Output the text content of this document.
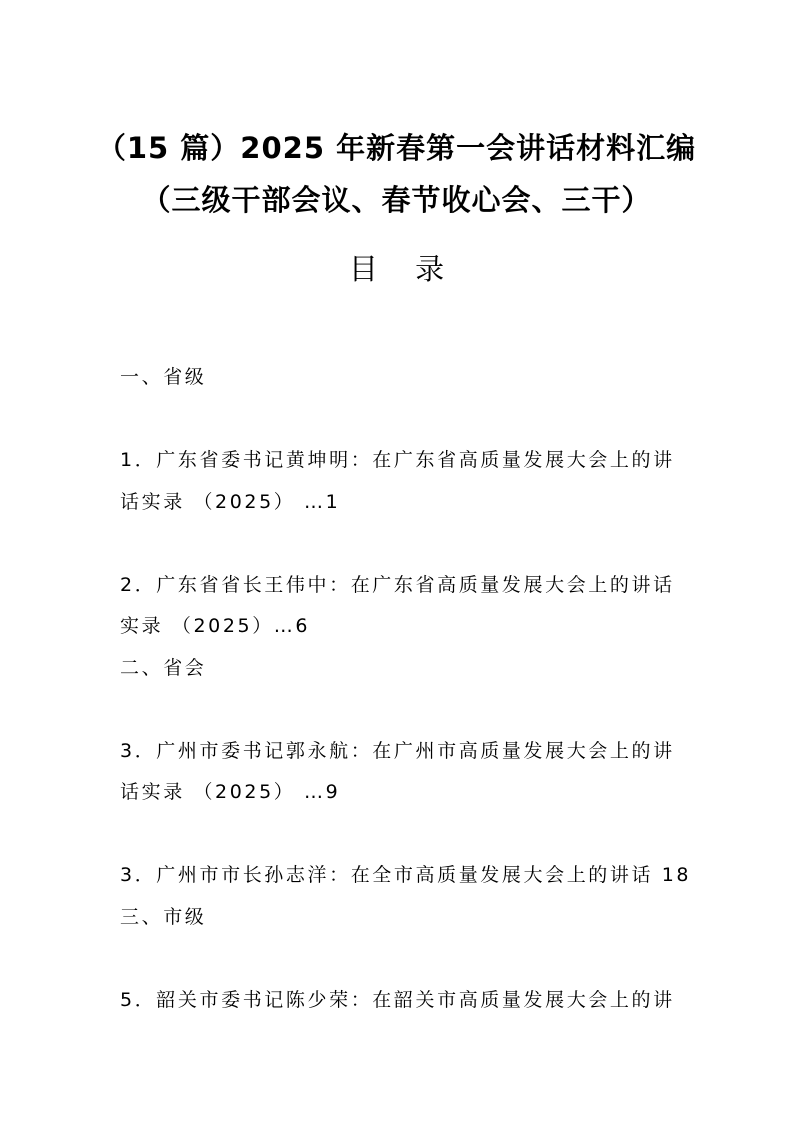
（15 篇）2025 年新春第一会讲话材料汇编
（三级干部会议、春节收心会、三干）
目 录
一、省级
1．广东省委书记黄坤明：在广东省高质量发展大会上的讲
话实录 （2025） …1
2．广东省省长王伟中：在广东省高质量发展大会上的讲话
实录 （2025）…6
二、省会
3．广州市委书记郭永航：在广州市高质量发展大会上的讲
话实录 （2025） …9
3．广州市市长孙志洋：在全市高质量发展大会上的讲话 18
三、市级
5．韶关市委书记陈少荣：在韶关市高质量发展大会上的讲
